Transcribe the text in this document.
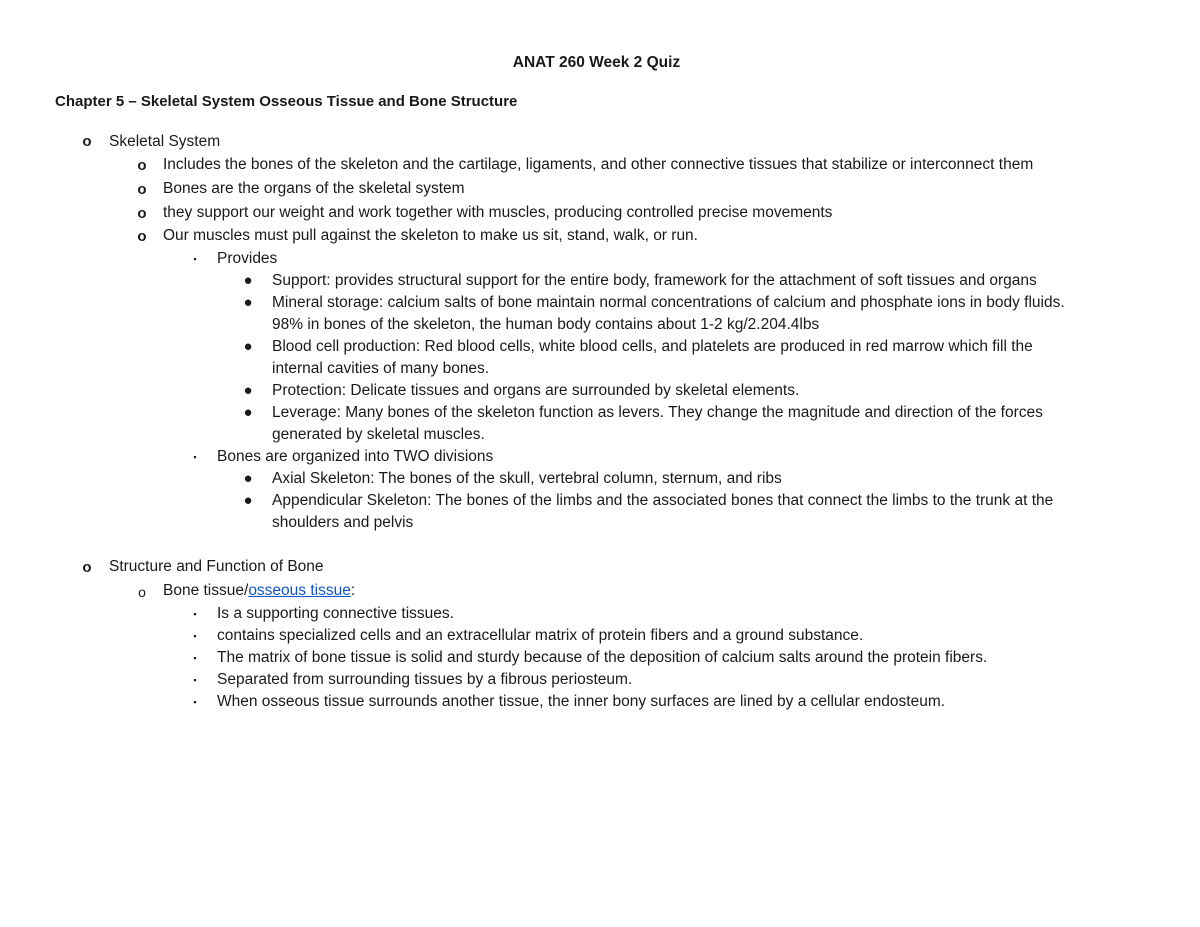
ANAT 260 Week 2 Quiz
Chapter 5 – Skeletal System Osseous Tissue and Bone Structure
o Skeletal System
o Includes the bones of the skeleton and the cartilage, ligaments, and other connective tissues that stabilize or interconnect them
o Bones are the organs of the skeletal system
o they support our weight and work together with muscles, producing controlled precise movements
o Our muscles must pull against the skeleton to make us sit, stand, walk, or run.
▪ Provides
● Support: provides structural support for the entire body, framework for the attachment of soft tissues and organs
● Mineral storage: calcium salts of bone maintain normal concentrations of calcium and phosphate ions in body fluids.
98% in bones of the skeleton, the human body contains about 1-2 kg/2.204.4lbs
● Blood cell production: Red blood cells, white blood cells, and platelets are produced in red marrow which fill the
internal cavities of many bones.
● Protection: Delicate tissues and organs are surrounded by skeletal elements.
● Leverage: Many bones of the skeleton function as levers. They change the magnitude and direction of the forces
generated by skeletal muscles.
▪ Bones are organized into TWO divisions
● Axial Skeleton: The bones of the skull, vertebral column, sternum, and ribs
● Appendicular Skeleton: The bones of the limbs and the associated bones that connect the limbs to the trunk at the
shoulders and pelvis
o Structure and Function of Bone
o Bone tissue/osseous tissue:
▪ Is a supporting connective tissues.
▪ contains specialized cells and an extracellular matrix of protein fibers and a ground substance.
▪ The matrix of bone tissue is solid and sturdy because of the deposition of calcium salts around the protein fibers.
▪ Separated from surrounding tissues by a fibrous periosteum.
▪ When osseous tissue surrounds another tissue, the inner bony surfaces are lined by a cellular endosteum.
